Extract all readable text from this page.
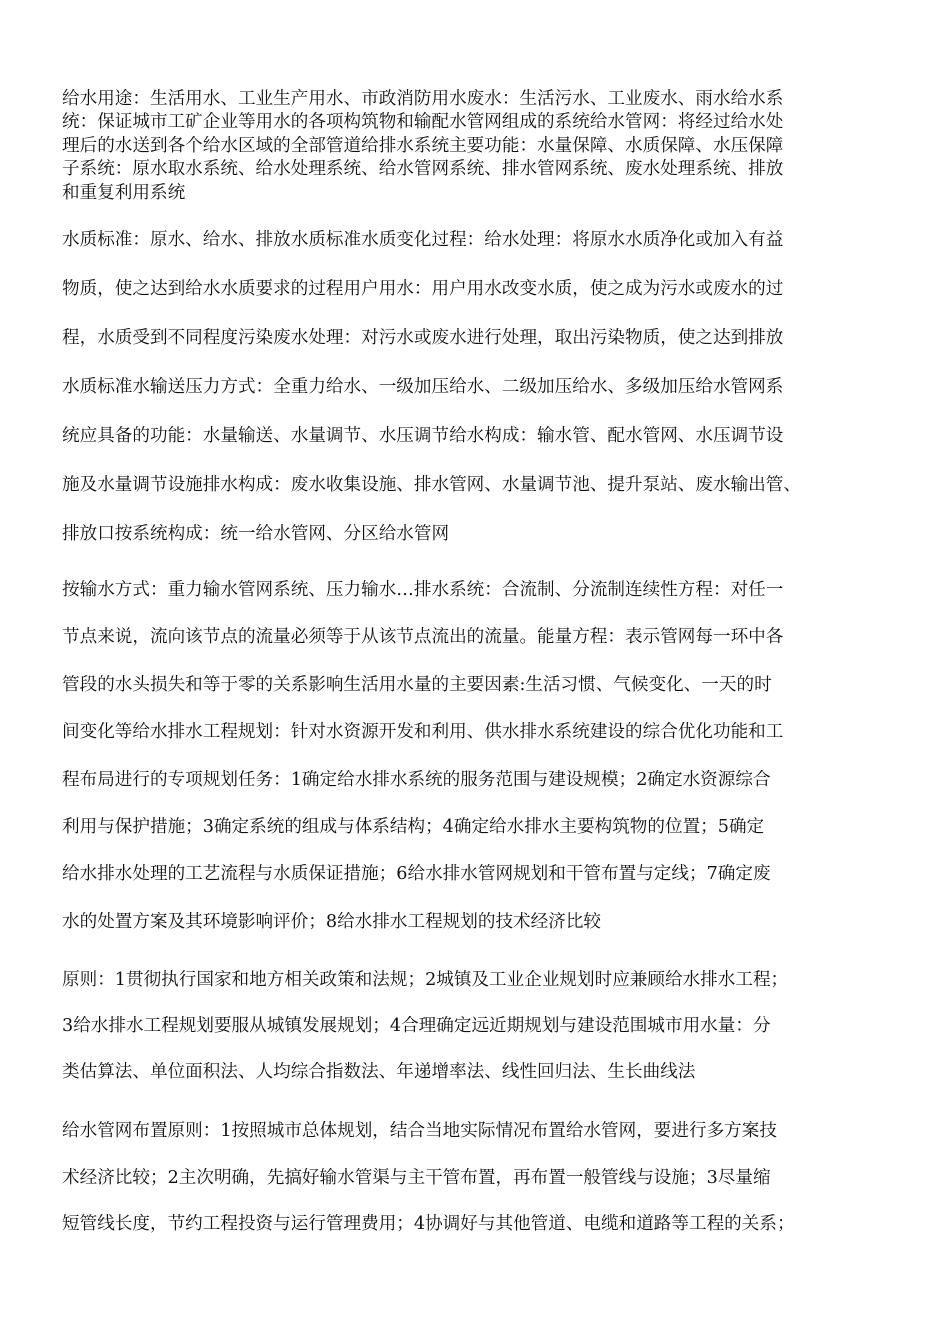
给水用途：生活用水、工业生产用水、市政消防用水废水：生活污水、工业废水、雨水给水系
统：保证城市工矿企业等用水的各项构筑物和输配水管网组成的系统给水管网：将经过给水处
理后的水送到各个给水区域的全部管道给排水系统主要功能：水量保障、水质保障、水压保障
子系统：原水取水系统、给水处理系统、给水管网系统、排水管网系统、废水处理系统、排放
和重复利用系统
水质标准：原水、给水、排放水质标准水质变化过程：给水处理：将原水水质净化或加入有益
物质，使之达到给水水质要求的过程用户用水：用户用水改变水质，使之成为污水或废水的过
程，水质受到不同程度污染废水处理：对污水或废水进行处理，取出污染物质，使之达到排放
水质标准水输送压力方式：全重力给水、一级加压给水、二级加压给水、多级加压给水管网系
统应具备的功能：水量输送、水量调节、水压调节给水构成：输水管、配水管网、水压调节设
施及水量调节设施排水构成：废水收集设施、排水管网、水量调节池、提升泵站、废水输出管、
排放口按系统构成：统一给水管网、分区给水管网
按输水方式：重力输水管网系统、压力输水…排水系统：合流制、分流制连续性方程：对任一
节点来说，流向该节点的流量必须等于从该节点流出的流量。能量方程：表示管网每一环中各
管段的水头损失和等于零的关系影响生活用水量的主要因素:生活习惯、气候变化、一天的时
间变化等给水排水工程规划：针对水资源开发和利用、供水排水系统建设的综合优化功能和工
程布局进行的专项规划任务：1确定给水排水系统的服务范围与建设规模；2确定水资源综合
利用与保护措施；3确定系统的组成与体系结构；4确定给水排水主要构筑物的位置；5确定
给水排水处理的工艺流程与水质保证措施；6给水排水管网规划和干管布置与定线；7确定废
水的处置方案及其环境影响评价；8给水排水工程规划的技术经济比较
原则：1贯彻执行国家和地方相关政策和法规；2城镇及工业企业规划时应兼顾给水排水工程；
3给水排水工程规划要服从城镇发展规划；4合理确定远近期规划与建设范围城市用水量：分
类估算法、单位面积法、人均综合指数法、年递增率法、线性回归法、生长曲线法
给水管网布置原则：1按照城市总体规划，结合当地实际情况布置给水管网，要进行多方案技
术经济比较；2主次明确，先搞好输水管渠与主干管布置，再布置一般管线与设施；3尽量缩
短管线长度，节约工程投资与运行管理费用；4协调好与其他管道、电缆和道路等工程的关系；
